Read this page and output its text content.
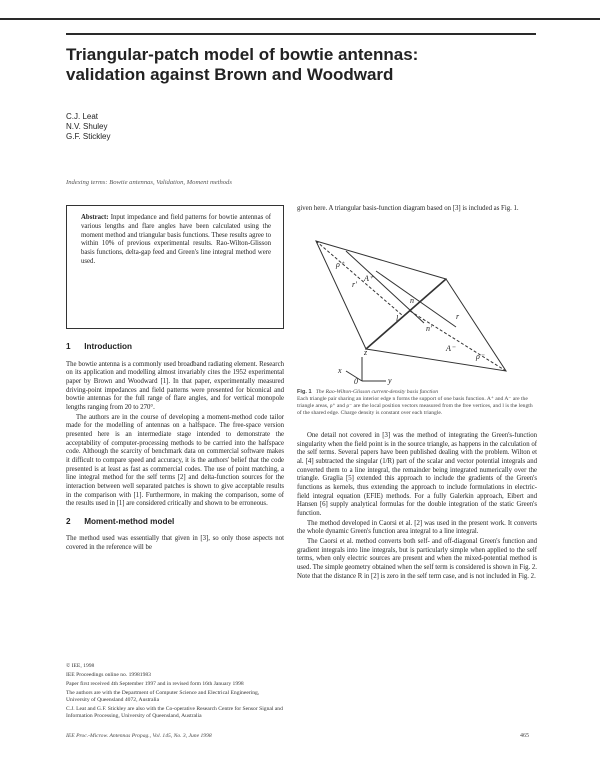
Triangular-patch model of bowtie antennas:
validation against Brown and Woodward
C.J. Leat
N.V. Shuley
G.F. Stickley
Indexing terms: Bowtie antennas, Validation, Moment methods
Abstract: Input impedance and field patterns for bowtie antennas of various lengths and flare angles have been calculated using the moment method and triangular basis functions. These results agree to within 10% of previous experimental results. Rao-Wilton-Glisson basis functions, delta-gap feed and Green's line integral method were used.
1 Introduction

The bowtie antenna is a commonly used broadband radiating element. Research on its application and modelling almost invariably cites the 1952 experimental paper by Brown and Woodward [1]. In that paper, experimentally measured driving-point impedances and field patterns were presented for biconical and bowtie antennas for the full range of flare angles, and for vertical monopole lengths ranging from 20 to 270°.

The authors are in the course of developing a moment-method code tailor made for the modelling of antennas on a halfspace. The free-space version presented here is an intermediate stage intended to demonstrate the acceptability of computer-processing methods to be carried into the halfspace code. Although the scarcity of benchmark data on commercial software makes it difficult to compare speed and accuracy, it is the authors' belief that the code presented is at least as fast as commercial codes. The use of point matching, a line integral method for the self terms [2] and delta-function sources for the interaction between well separated patches is shown to give acceptable results in the comparison with [1]. Furthermore, in making the comparison, some of the results used in [1] are considered critically and shown to be erroneous.

2 Moment-method model

The method used was essentially that given in [3], so only those aspects not covered in the reference will be

© IEE, 1998
IEE Proceedings online no. 19981983
Paper first received 4th September 1997 and in revised form 16th January 1998
The authors are with the Department of Computer Science and Electrical Engineering, University of Queensland 4072, Australia
C.J. Leat and G.F. Stickley are also with the Co-operative Research Centre for Sensor Signal and Information Processing, University of Queensland, Australia
IEE Proc.-Microw. Antennas Propag., Vol. 145, No. 3, June 1998	465

given here. A triangular basis-function diagram based on [3] is included as Fig. 1.

n
n′
r′
r
l
A⁺
A⁻
ρ⁺
ρ⁻
x
y
z
0
Fig. 1 The Rao-Wilton-Glisson current-density basis function
Each triangle pair sharing an interior edge n forms the support of one basis function. A⁺ and A⁻ are the triangle areas, ρ⁺ and ρ⁻ are the local position vectors measured from the free vertices, and l is the length of the shared edge. Charge density is constant over each triangle.

One detail not covered in [3] was the method of integrating the Green's-function singularity when the field point is in the source triangle, as happens in the calculation of the self terms. Several papers have been published dealing with the problem. Wilton et al. [4] subtracted the singular (1/R) part of the scalar and vector potential integrals and converted them to a line integral, the remainder being integrated numerically over the triangle. Graglia [5] extended this approach to include the gradients of the Green's functions as kernels, thus extending the approach to include formulations in electric-field integral equation (EFIE) methods. For a fully Galerkin approach, Eibert and Hansen [6] supply analytical formulas for the double integration of the static Green's function.

The method developed in Caorsi et al. [2] was used in the present work. It converts the whole dynamic Green's function area integral to a line integral.

The Caorsi et al. method converts both self- and off-diagonal Green's function and gradient integrals into line integrals, but is particularly simple when applied to the self terms, when only electric sources are present and when the mixed-potential method is used. The simple geometry obtained when the self term is considered is shown in Fig. 2. Note that the distance R in [2] is zero in the self term case, and is not included in Fig. 2.
